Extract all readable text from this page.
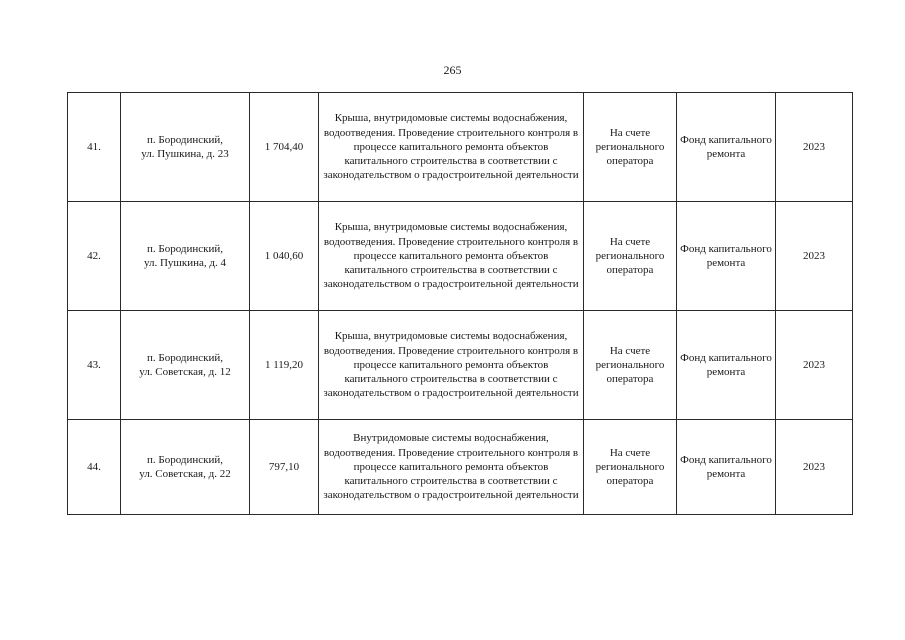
265
41.	п. Бородинский,
ул. Пушкина, д. 23	1 704,40	Крыша, внутридомовые системы водоснабжения, водоотведения. Проведение строительного контроля в процессе капитального ремонта объектов капитального строительства в соответствии с законодательством о градостроительной деятельности	На счете регионального оператора	Фонд капитального ремонта	2023
42.	п. Бородинский,
ул. Пушкина, д. 4	1 040,60	Крыша, внутридомовые системы водоснабжения, водоотведения. Проведение строительного контроля в процессе капитального ремонта объектов капитального строительства в соответствии с законодательством о градостроительной деятельности	На счете регионального оператора	Фонд капитального ремонта	2023
43.	п. Бородинский,
ул. Советская, д. 12	1 119,20	Крыша, внутридомовые системы водоснабжения, водоотведения. Проведение строительного контроля в процессе капитального ремонта объектов капитального строительства в соответствии с законодательством о градостроительной деятельности	На счете регионального оператора	Фонд капитального ремонта	2023
44.	п. Бородинский,
ул. Советская, д. 22	797,10	Внутридомовые системы водоснабжения, водоотведения. Проведение строительного контроля в процессе капитального ремонта объектов капитального строительства в соответствии с законодательством о градостроительной деятельности	На счете регионального оператора	Фонд капитального ремонта	2023
